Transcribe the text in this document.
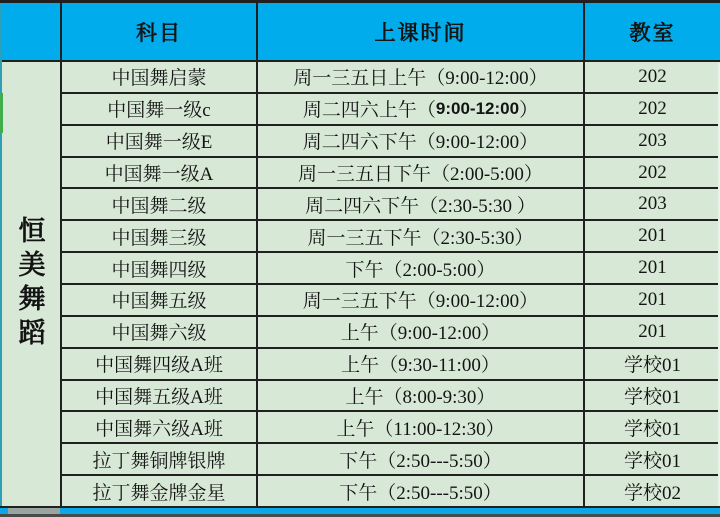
科目	上课时间	教室
恒美舞蹈
中国舞启蒙	周一三五日上午（9:00-12:00）	202
中国舞一级c	周二四六上午（ 9:00-12:00 ）	202
中国舞一级E	周二四六下午（9:00-12:00）	203
中国舞一级A	周一三五日下午（2:00-5:00）	202
中国舞二级	周二四六下午（2:30-5:30 ）	203
中国舞三级	周一三五下午（2:30-5:30）	201
中国舞四级	下午（2:00-5:00）	201
中国舞五级	周一三五下午（9:00-12:00）	201
中国舞六级	上午（9:00-12:00）	201
中国舞四级A班	上午（9:30-11:00）	学校01
中国舞五级A班	上午（8:00-9:30）	学校01
中国舞六级A班	上午（11:00-12:30）	学校01
拉丁舞铜牌银牌	下午（2:50---5:50）	学校01
拉丁舞金牌金星	下午（2:50---5:50）	学校02
